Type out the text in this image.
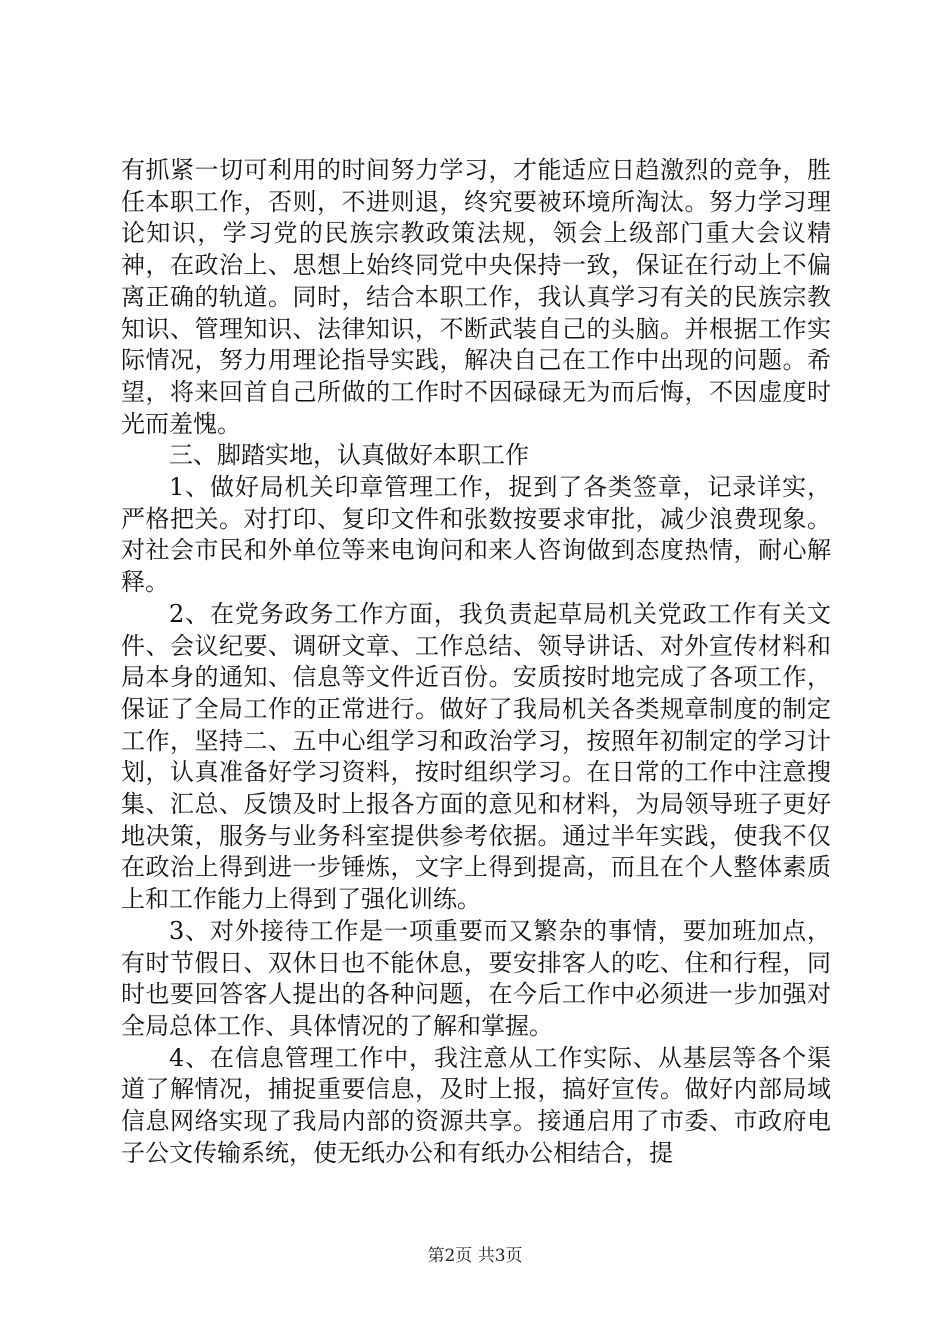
有抓紧一切可利用的时间努力学习，才能适应日趋激烈的竞争，胜任本职工作，否则，不进则退，终究要被环境所淘汰。努力学习理论知识，学习党的民族宗教政策法规，领会上级部门重大会议精神，在政治上、思想上始终同党中央保持一致，保证在行动上不偏离正确的轨道。同时，结合本职工作，我认真学习有关的民族宗教知识、管理知识、法律知识，不断武装自己的头脑。并根据工作实际情况，努力用理论指导实践，解决自己在工作中出现的问题。希望，将来回首自己所做的工作时不因碌碌无为而后悔，不因虚度时光而羞愧。

三、脚踏实地，认真做好本职工作

1、做好局机关印章管理工作，捉到了各类签章，记录详实，严格把关。对打印、复印文件和张数按要求审批，减少浪费现象。对社会市民和外单位等来电询问和来人咨询做到态度热情，耐心解释。

2、在党务政务工作方面，我负责起草局机关党政工作有关文件、会议纪要、调研文章、工作总结、领导讲话、对外宣传材料和局本身的通知、信息等文件近百份。安质按时地完成了各项工作，保证了全局工作的正常进行。做好了我局机关各类规章制度的制定工作，坚持二、五中心组学习和政治学习，按照年初制定的学习计划，认真准备好学习资料，按时组织学习。在日常的工作中注意搜集、汇总、反馈及时上报各方面的意见和材料，为局领导班子更好地决策，服务与业务科室提供参考依据。通过半年实践，使我不仅在政治上得到进一步锤炼，文字上得到提高，而且在个人整体素质上和工作能力上得到了强化训练。

3、对外接待工作是一项重要而又繁杂的事情，要加班加点，有时节假日、双休日也不能休息，要安排客人的吃、住和行程，同时也要回答客人提出的各种问题，在今后工作中必须进一步加强对全局总体工作、具体情况的了解和掌握。

4、在信息管理工作中，我注意从工作实际、从基层等各个渠道了解情况，捕捉重要信息，及时上报，搞好宣传。做好内部局域信息网络实现了我局内部的资源共享。接通启用了市委、市政府电子公文传输系统，使无纸办公和有纸办公相结合，提

第2页 共3页
